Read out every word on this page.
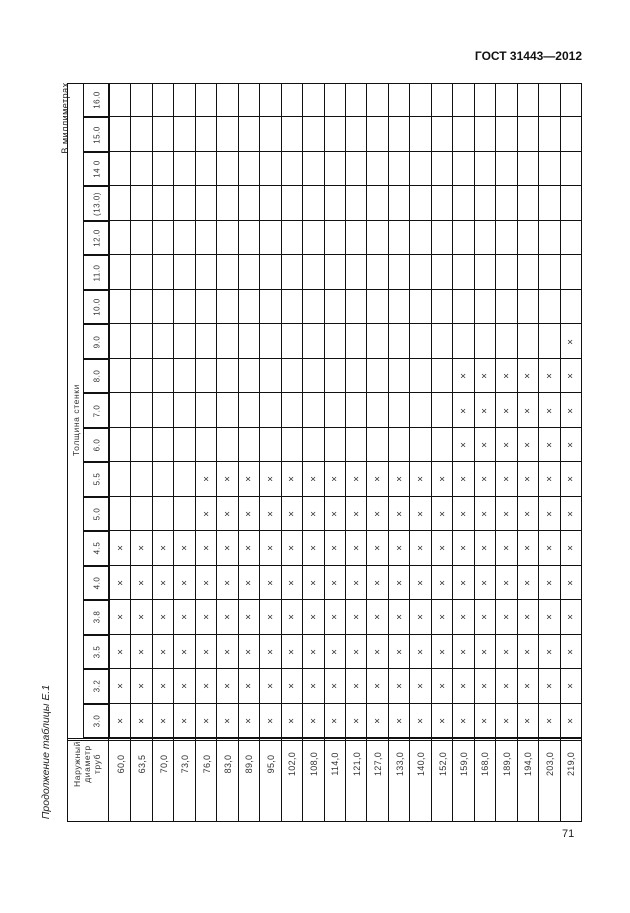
ГОСТ 31443—2012
В миллиметрах
Продолжение таблицы Е.1
Толщина стенки
Наружный диаметр труб
3.0
3.2
3.5
3.8
4.0
4.5
5.0
5.5
6.0
7.0
8.0
9.0
10.0
11.0
12.0
(13.0)
14 0
15.0
16.0
60,0
×
×
×
×
×
×
63,5
×
×
×
×
×
×
70,0
×
×
×
×
×
×
73,0
×
×
×
×
×
×
76,0
×
×
×
×
×
×
×
×
83,0
×
×
×
×
×
×
×
×
89,0
×
×
×
×
×
×
×
×
95,0
×
×
×
×
×
×
×
×
102,0
×
×
×
×
×
×
×
×
108,0
×
×
×
×
×
×
×
×
114,0
×
×
×
×
×
×
×
×
121,0
×
×
×
×
×
×
×
×
127,0
×
×
×
×
×
×
×
×
133,0
×
×
×
×
×
×
×
×
140,0
×
×
×
×
×
×
×
×
152,0
×
×
×
×
×
×
×
×
159,0
×
×
×
×
×
×
×
×
×
×
×
168,0
×
×
×
×
×
×
×
×
×
×
×
189,0
×
×
×
×
×
×
×
×
×
×
×
194,0
×
×
×
×
×
×
×
×
×
×
×
203,0
×
×
×
×
×
×
×
×
×
×
×
219,0
×
×
×
×
×
×
×
×
×
×
×
×
71
